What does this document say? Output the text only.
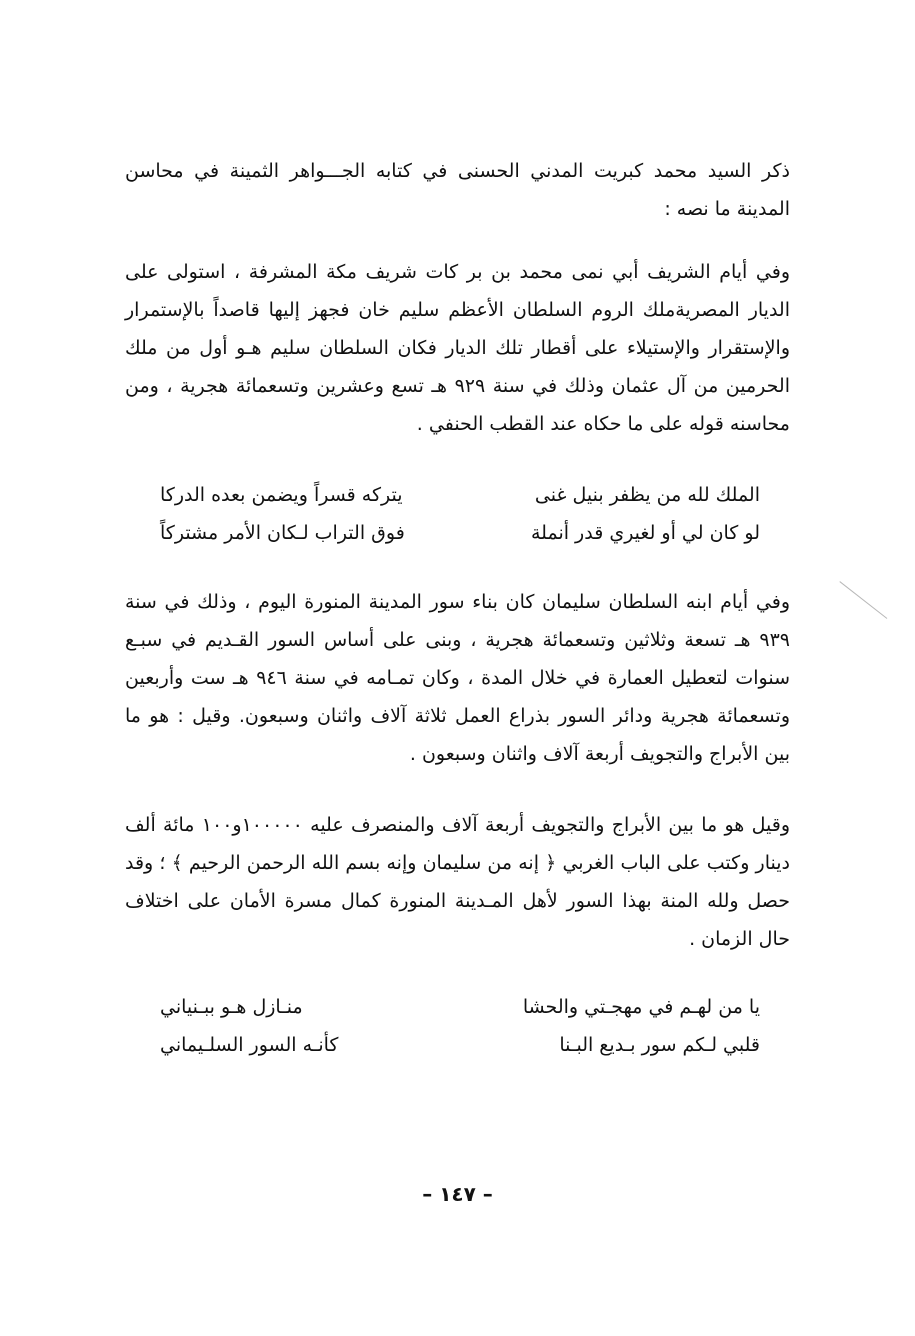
ذكر السيد محمد كبريت المدني الحسنى في كتابه الجـــواهر الثمينة في محاسن المدينة ما نصه :

وفي أيام الشريف أبي نمى محمد بن بر كات شريف مكة المشرفة ، استولى على الديار المصريةملك الروم السلطان الأعظم سليم خان فجهز إليها قاصداً بالإستمرار والإستقرار والإستيلاء على أقطار تلك الديار فكان السلطان سليم هـو أول من ملك الحرمين من آل عثمان وذلك في سنة ٩٢٩ هـ تسع وعشرين وتسعمائة هجرية ، ومن محاسنه قوله على ما حكاه عند القطب الحنفي .

الملك لله من يظفر بنيل غنى
يتركه قسراً ويضمن بعده الدركا
لو كان لي أو لغيري قدر أنملة
فوق التراب لـكان الأمر مشتركاً

وفي أيام ابنه السلطان سليمان كان بناء سور المدينة المنورة اليوم ، وذلك في سنة ٩٣٩ هـ تسعة وثلاثين وتسعمائة هجرية ، وبنى على أساس السور القـديم في سبـع سنوات لتعطيل العمارة في خلال المدة ، وكان تمـامه في سنة ٩٤٦ هـ ست وأربعين وتسعمائة هجرية ودائر السور بذراع العمل ثلاثة آلاف واثنان وسبعون. وقيل : هو ما بين الأبراج والتجويف أربعة آلاف واثنان وسبعون .

وقيل هو ما بين الأبراج والتجويف أربعة آلاف والمنصرف عليه ١٠٠٠٠٠و١٠٠ مائة ألف دينار وكتب على الباب الغربي ﴿ إنه من سليمان وإنه بسم الله الرحمن الرحيم ﴾ ؛ وقد حصل ولله المنة بهذا السور لأهل المـدينة المنورة كمال مسرة الأمان على اختلاف حال الزمان .

يا من لهـم في مهجـتي والحشا
منـازل هـو ببـنياني
قلبي لـكم سور بـديع البـنا
كأنـه السور السلـيماني
– ١٤٧ –
